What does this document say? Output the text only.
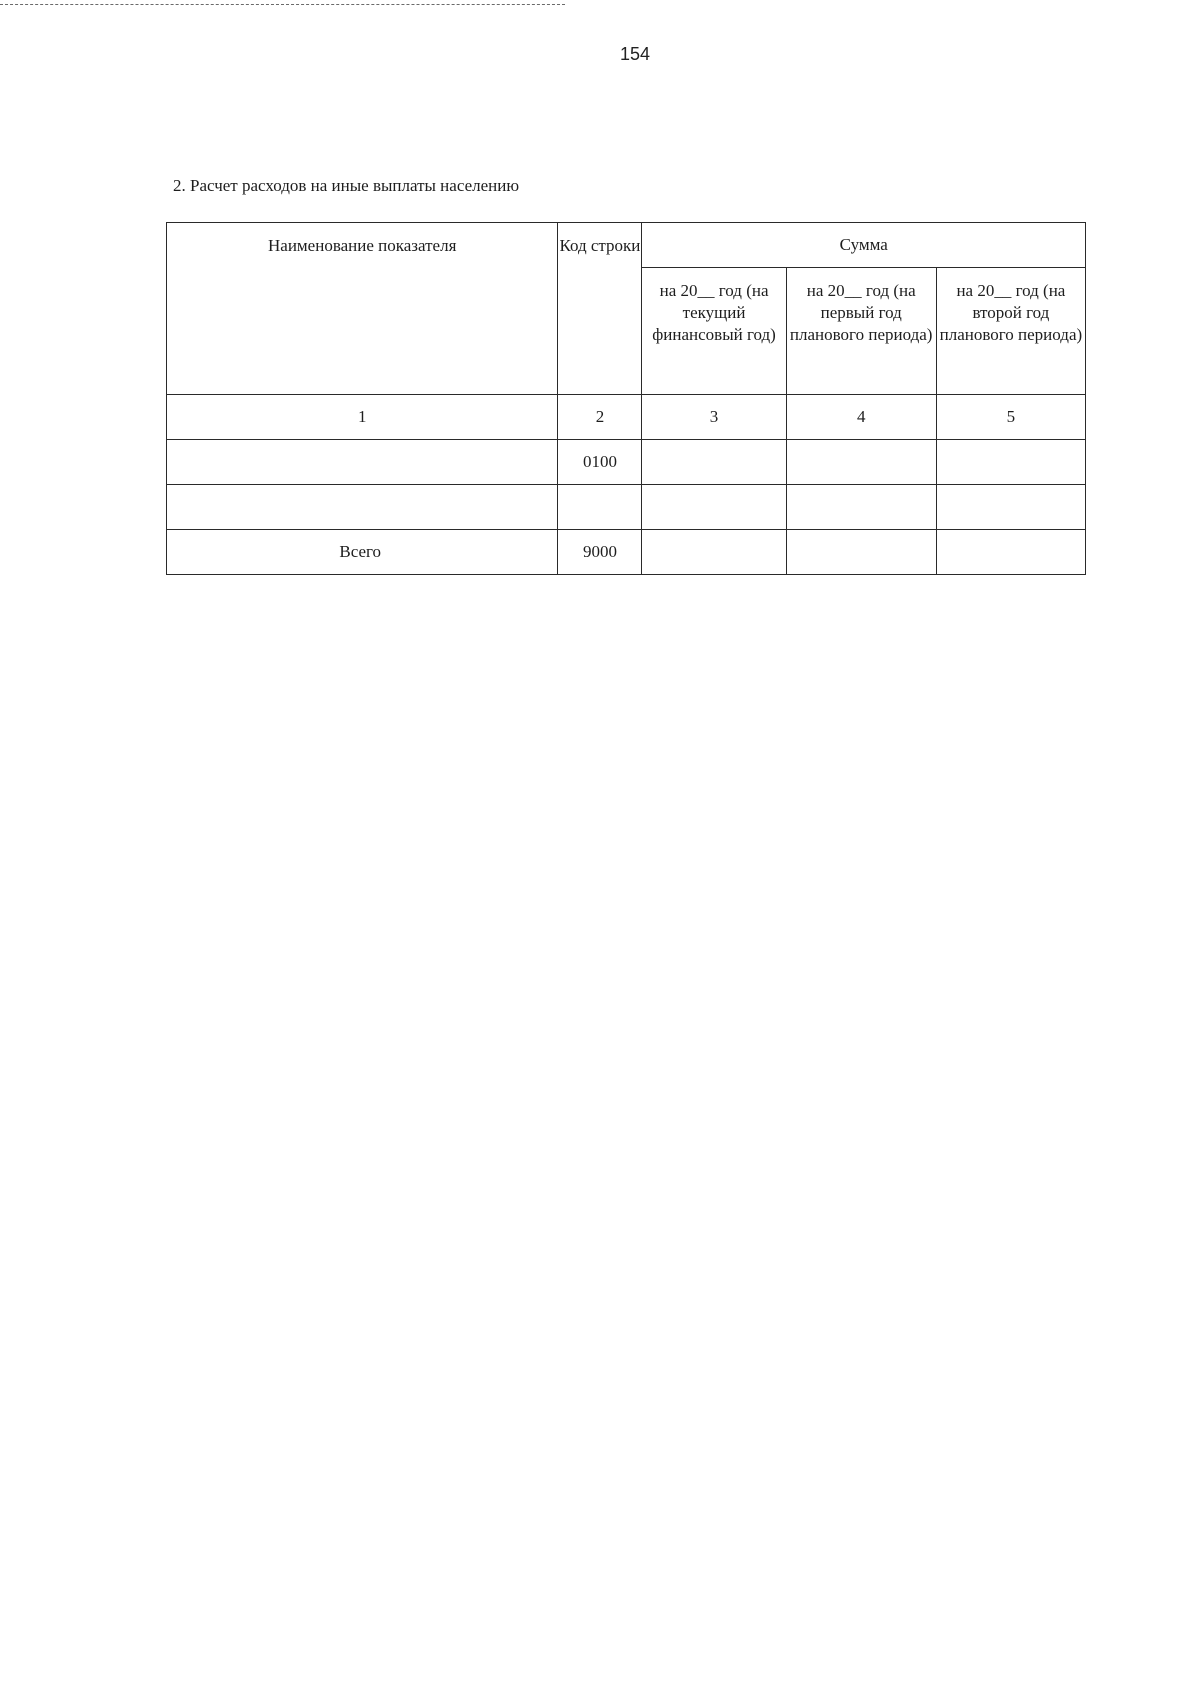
154
2. Расчет расходов на иные выплаты населению
Наименование показателя	Код строки	Сумма		
		на 20__ год (на текущий финансовый год)	на 20__ год (на первый год планового периода)	на 20__ год (на второй год планового периода)
1	2	3	4	5
	0100			

Всего	9000			
